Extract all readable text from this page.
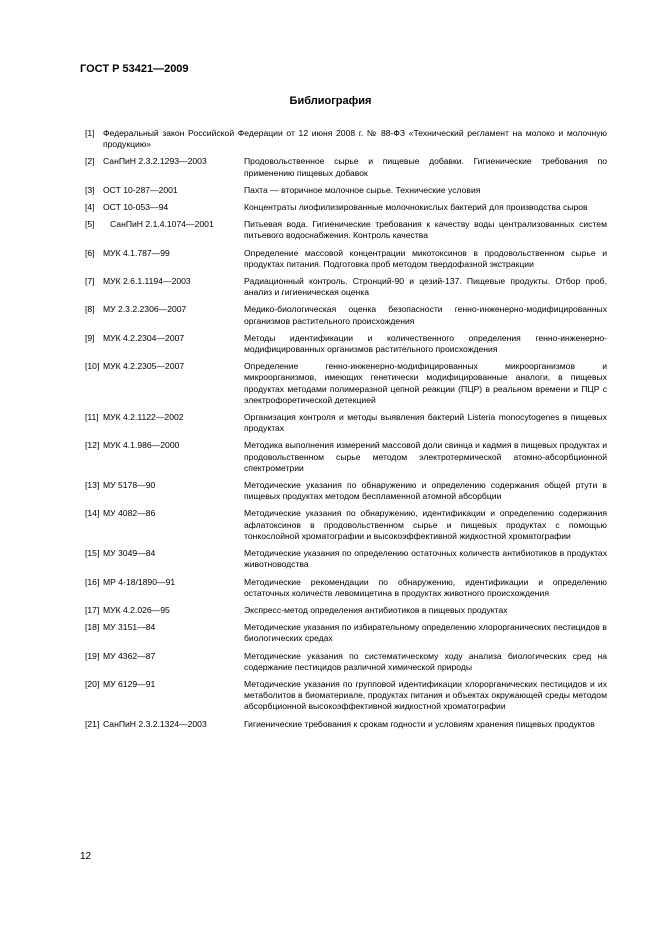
ГОСТ Р 53421—2009
Библиография
[1] Федеральный закон Российской Федерации от 12 июня 2008 г. № 88-ФЗ «Технический регламент на молоко и молочную продукцию»
[2] СанПиН 2.3.2.1293—2003	Продовольственное сырье и пищевые добавки. Гигиенические требования по применению пищевых добавок
[3] ОСТ 10-287—2001	Пахта — вторичное молочное сырье. Технические условия
[4] ОСТ 10-053—94	Концентраты лиофилизированные молочнокислых бактерий для производства сыров
[5] СанПиН 2.1.4.1074—2001	Питьевая вода. Гигиенические требования к качеству воды централизованных систем питьевого водоснабжения. Контроль качества
[6] МУК 4.1.787—99	Определение массовой концентрации микотоксинов в продовольственном сырье и продуктах питания. Подготовка проб методом твердофазной экстракции
[7] МУК 2.6.1.1194—2003	Радиационный контроль. Стронций-90 и цезий-137. Пищевые продукты. Отбор проб, анализ и гигиеническая оценка
[8] МУ 2.3.2.2306—2007	Медико-биологическая оценка безопасности генно-инженерно-модифицированных организмов растительного происхождения
[9] МУК 4.2.2304—2007	Методы идентификации и количественного определения генно-инженерно-модифицированных организмов растительного происхождения
[10] МУК 4.2.2305—2007	Определение генно-инженерно-модифицированных микроорганизмов и микроорганизмов, имеющих генетически модифицированные аналоги, в пищевых продуктах методами полимеразной цепной реакции (ПЦР) в реальном времени и ПЦР с электрофоретической детекцией
[11] МУК 4.2.1122—2002	Организация контроля и методы выявления бактерий Listeria monocytogenes в пищевых продуктах
[12] МУК 4.1.986—2000	Методика выполнения измерений массовой доли свинца и кадмия в пищевых продуктах и продовольственном сырье методом электротермической атомно-абсорбционной спектрометрии
[13] МУ 5178—90	Методические указания по обнаружению и определению содержания общей ртути в пищевых продуктах методом беспламенной атомной абсорбции
[14] МУ 4082—86	Методические указания по обнаружению, идентификации и определению содержания афлатоксинов в продовольственном сырье и пищевых продуктах с помощью тонкослойной хроматографии и высокоэффективной жидкостной хроматографии
[15] МУ 3049—84	Методические указания по определению остаточных количеств антибиотиков в продуктах животноводства
[16] МР 4-18/1890—91	Методические рекомендации по обнаружению, идентификации и определению остаточных количеств левомицетина в продуктах животного происхождения
[17] МУК 4.2.026—95	Экспресс-метод определения антибиотиков в пищевых продуктах
[18] МУ 3151—84	Методические указания по избирательному определению хлорорганических пестицидов в биологических средах
[19] МУ 4362—87	Методические указания по систематическому ходу анализа биологических сред на содержание пестицидов различной химической природы
[20] МУ 6129—91	Методические указания по групповой идентификации хлорорганических пестицидов и их метаболитов в биоматериале, продуктах питания и объектах окружающей среды методом абсорбционной высокоэффективной жидкостной хроматографии
[21] СанПиН 2.3.2.1324—2003	Гигиенические требования к срокам годности и условиям хранения пищевых продуктов
12
